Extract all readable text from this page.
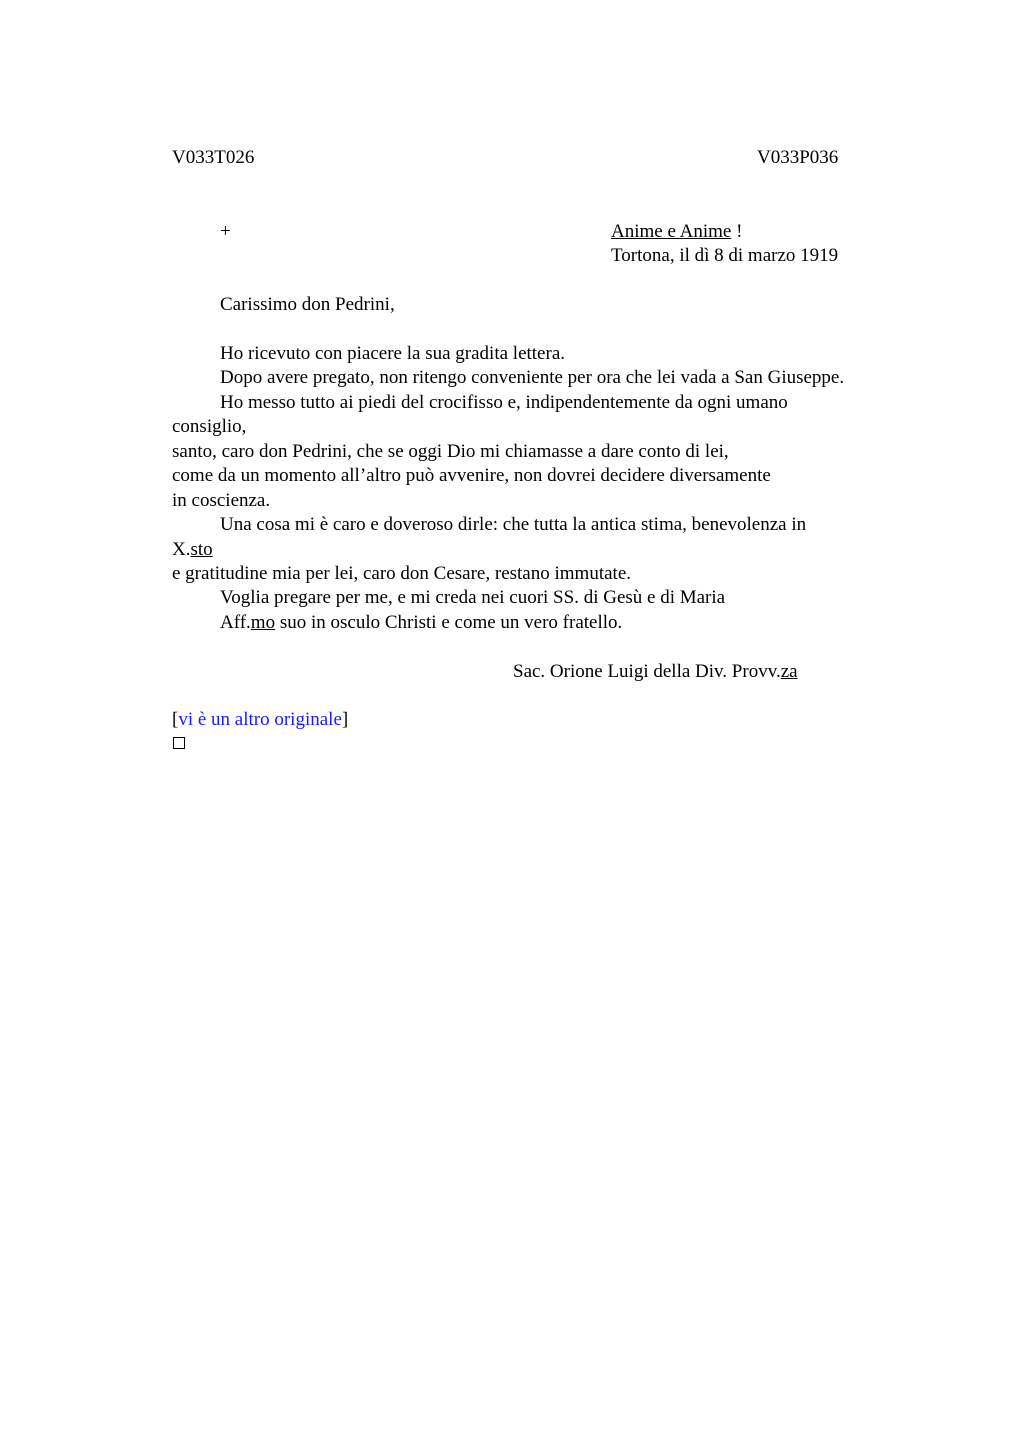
V033T026	V033P036
+	Anime e Anime !
Tortona, il dì 8 di marzo 1919
Carissimo don Pedrini,
Ho ricevuto con piacere la sua gradita lettera.
Dopo avere pregato, non ritengo conveniente per ora che lei vada a San Giuseppe.
Ho messo tutto ai piedi del crocifisso e, indipendentemente da ogni umano
consiglio,
santo, caro don Pedrini, che se oggi Dio mi chiamasse a dare conto di lei,
come da un momento all’altro può avvenire, non dovrei decidere diversamente
in coscienza.
Una cosa mi è caro e doveroso dirle: che tutta la antica stima, benevolenza in
X.sto
e gratitudine mia per lei, caro don Cesare, restano immutate.
Voglia pregare per me, e mi creda nei cuori SS. di Gesù e di Maria
Aff.mo suo in osculo Christi e come un vero fratello.
Sac. Orione Luigi della Div. Provv.za
[vi è un altro originale]
